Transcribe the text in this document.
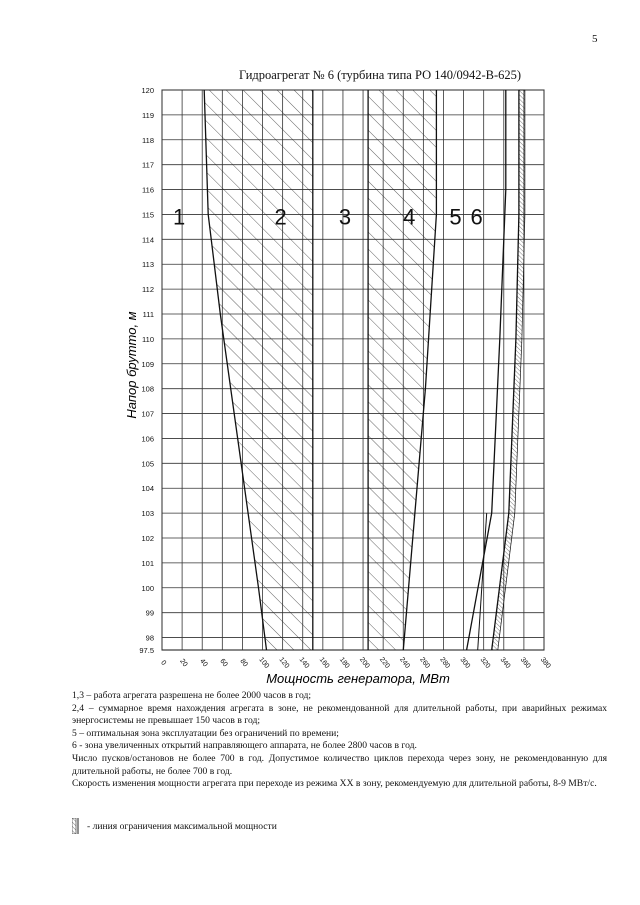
5
Гидроагрегат № 6 (турбина типа РО 140/0942-В-625)
98
99
100
101
102
103
104
105
106
107
108
109
110
111
112
113
114
115
116
117
118
119
120
97.5
0 20 40 60 80 100 120 140 160 180 200 220 240 260 280 300 320 340 360 380
1	2 3 4 5 6
Напор брутто, м
Мощность генератора, МВт

1,3 – работа агрегата разрешена не более 2000 часов в год;

2,4 – суммарное время нахождения агрегата в зоне, не рекомендованной для длительной работы, при аварийных режимах энергосистемы не превышает 150 часов в год;

5 – оптимальная зона эксплуатации без ограничений по времени;

6 - зона увеличенных открытий направляющего аппарата, не более 2800 часов в год.

Число пусков/остановов не более 700 в год. Допустимое количество циклов перехода через зону, не рекомендованную для длительной работы, не более 700 в год.

Скорость изменения мощности агрегата при переходе из режима ХХ в зону, рекомендуемую для длительной работы, 8-9 МВт/с.

- линия ограничения максимальной мощности
